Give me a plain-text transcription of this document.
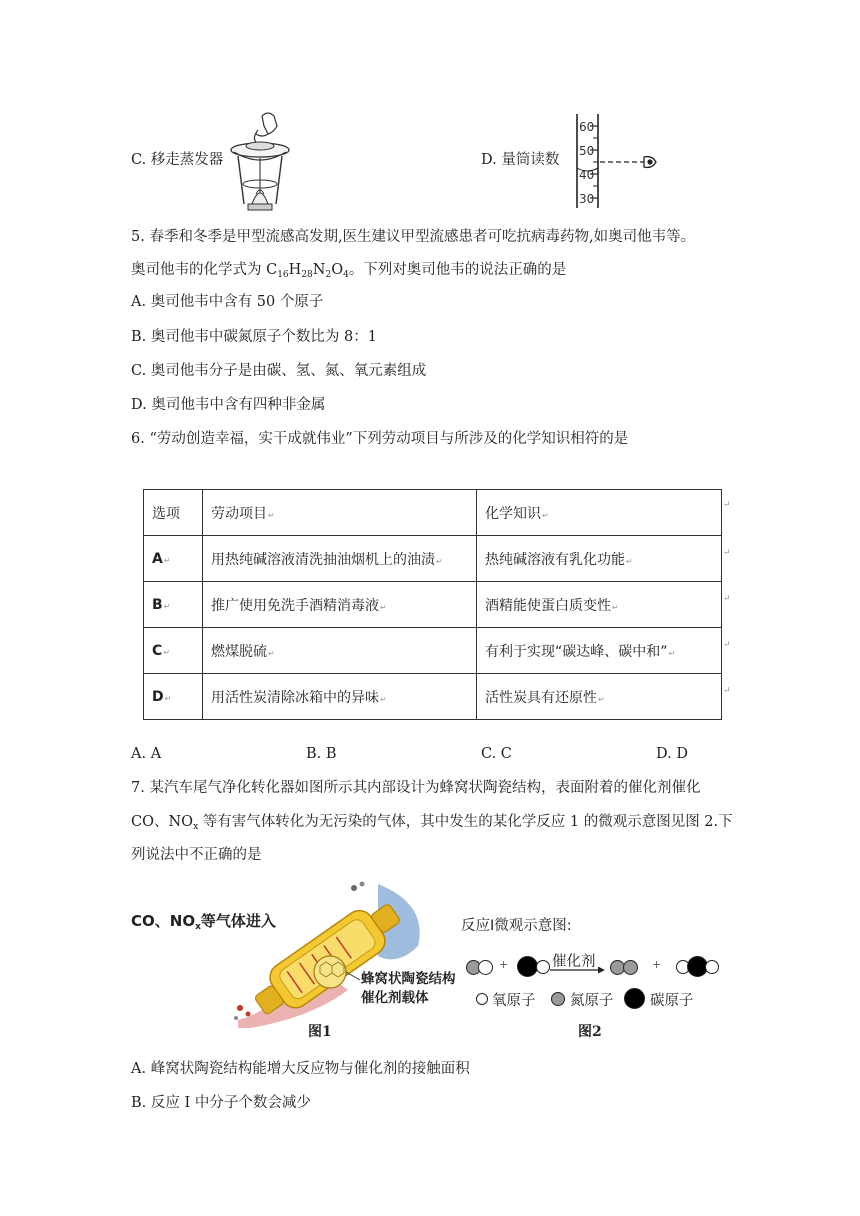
C. 移走蒸发器	D. 量筒读数
60
50
40
30
5. 春季和冬季是甲型流感高发期,医生建议甲型流感患者可吃抗病毒药物,如奥司他韦等。
奥司他韦的化学式为 $C_{16}H_{28}N_2O_4$。下列对奥司他韦的说法正确的是
A. 奥司他韦中含有 50 个原子
B. 奥司他韦中碳氮原子个数比为 8：1
C. 奥司他韦分子是由碳、氢、氮、氧元素组成
D. 奥司他韦中含有四种非金属
6. “劳动创造幸福，实干成就伟业”下列劳动项目与所涉及的化学知识相符的是
选项	劳动项目↵	化学知识↵
A↵	用热纯碱溶液清洗抽油烟机上的油渍↵	热纯碱溶液有乳化功能↵
B↵	推广使用免洗手酒精消毒液↵	酒精能使蛋白质变性↵
C↵	燃煤脱硫↵	有利于实现“碳达峰、碳中和”↵
D↵	用活性炭清除冰箱中的异味↵	活性炭具有还原性↵
↵
↵
↵
↵
↵
A. A	B. B	C. C	D. D
7. 某汽车尾气净化转化器如图所示其内部设计为蜂窝状陶瓷结构，表面附着的催化剂催化
CO、$NO_x$ 等有害气体转化为无污染的气体，其中发生的某化学反应 1 的微观示意图见图 2.下
列说法中不正确的是
CO、$NO_x$等气体进入
蜂窝状陶瓷结构
催化剂载体
图1
反应I微观示意图:
+	催化剂	+
氧原子 氮原子	碳原子
图2
A. 峰窝状陶瓷结构能增大反应物与催化剂的接触面积
B. 反应 I 中分子个数会减少
